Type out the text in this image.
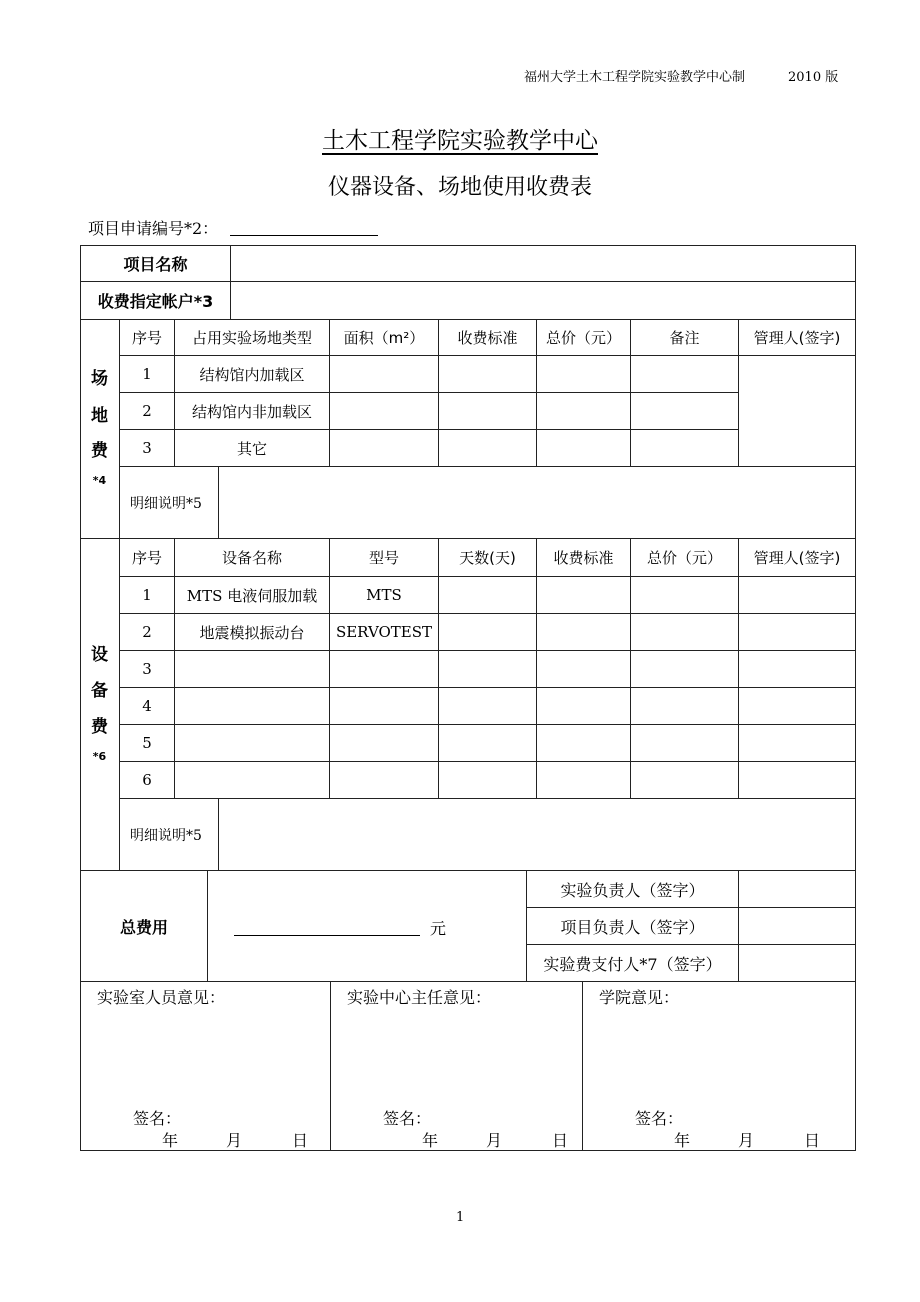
福州大学土木工程学院实验教学中心制	2010 版
土木工程学院实验教学中心
仪器设备、场地使用收费表
项目申请编号*2：
项目名称
收费指定帐户*3
场
地
费
*4
序号	占用实验场地类型	面积（m²）	收费标准	总价（元）	备注	管理人(签字)
1	结构馆内加载区
2	结构馆内非加载区
3	其它
明细说明*5
设
备
费
*6
序号	设备名称	型号	天数(天)	收费标准	总价（元）	管理人(签字)
1	MTS 电液伺服加载	MTS
2	地震模拟振动台	SERVOTEST
3
4
5
6
明细说明*5
总费用	元
实验负责人（签字）
项目负责人（签字）
实验费支付人*7（签字）
实验室人员意见：
签名：
年	月	日
实验中心主任意见：
签名：
年	月	日
学院意见：
签名：
年	月	日
1
